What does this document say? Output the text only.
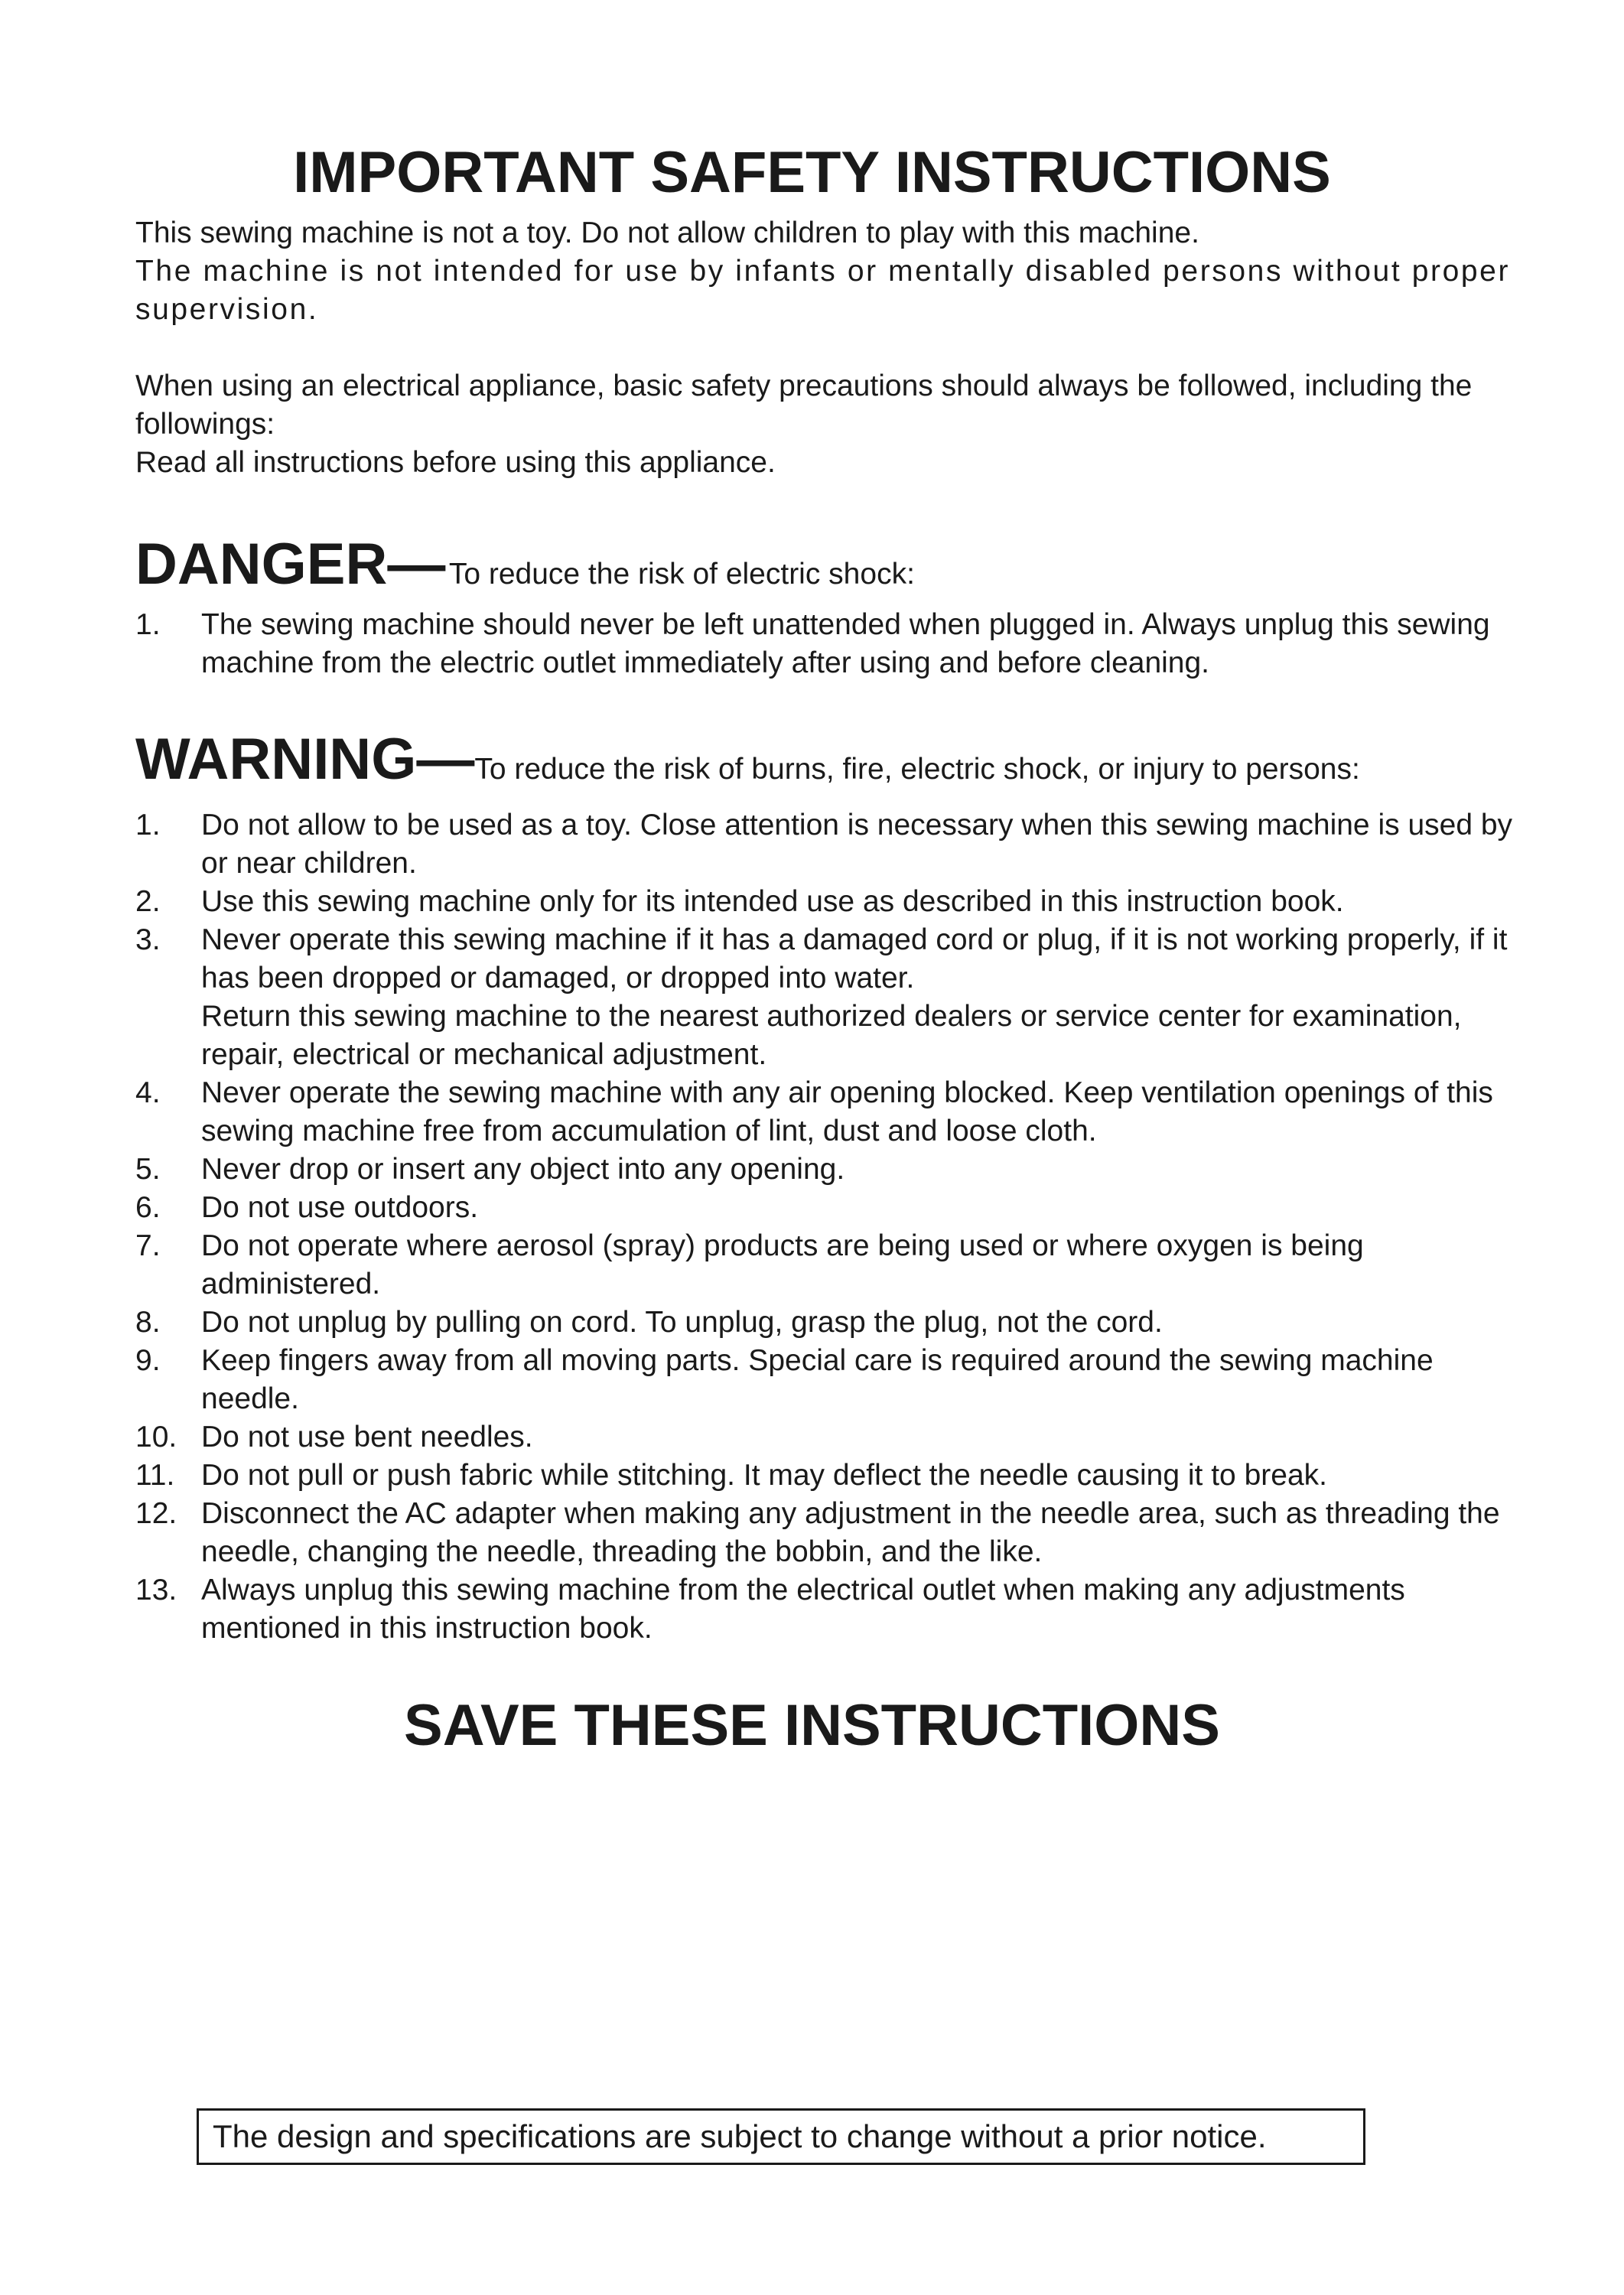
IMPORTANT SAFETY INSTRUCTIONS

This sewing machine is not a toy. Do not allow children to play with this machine.

The machine is not intended for use by infants or mentally disabled persons without proper supervision.

When using an electrical appliance, basic safety precautions should always be followed, including the followings:

Read all instructions before using this appliance.

DANGER— To reduce the risk of electric shock:
1. The sewing machine should never be left unattended when plugged in. Always unplug this sewing machine from the electric outlet immediately after using and before cleaning.
WARNING—To reduce the risk of burns, fire, electric shock, or injury to persons:
1. Do not allow to be used as a toy. Close attention is necessary when this sewing machine is used by or near children.
2. Use this sewing machine only for its intended use as described in this instruction book.
3. Never operate this sewing machine if it has a damaged cord or plug, if it is not working properly, if it has been dropped or damaged, or dropped into water.
Return this sewing machine to the nearest authorized dealers or service center for examination, repair, electrical or mechanical adjustment.
4. Never operate the sewing machine with any air opening blocked. Keep ventilation openings of this sewing machine free from accumulation of lint, dust and loose cloth.
5. Never drop or insert any object into any opening.
6. Do not use outdoors.
7. Do not operate where aerosol (spray) products are being used or where oxygen is being administered.
8. Do not unplug by pulling on cord. To unplug, grasp the plug, not the cord.
9. Keep fingers away from all moving parts. Special care is required around the sewing machine needle.
10. Do not use bent needles.
11. Do not pull or push fabric while stitching. It may deflect the needle causing it to break.
12. Disconnect the AC adapter when making any adjustment in the needle area, such as threading the needle, changing the needle, threading the bobbin, and the like.
13. Always unplug this sewing machine from the electrical outlet when making any adjustments mentioned in this instruction book.
SAVE THESE INSTRUCTIONS
The design and specifications are subject to change without a prior notice.
